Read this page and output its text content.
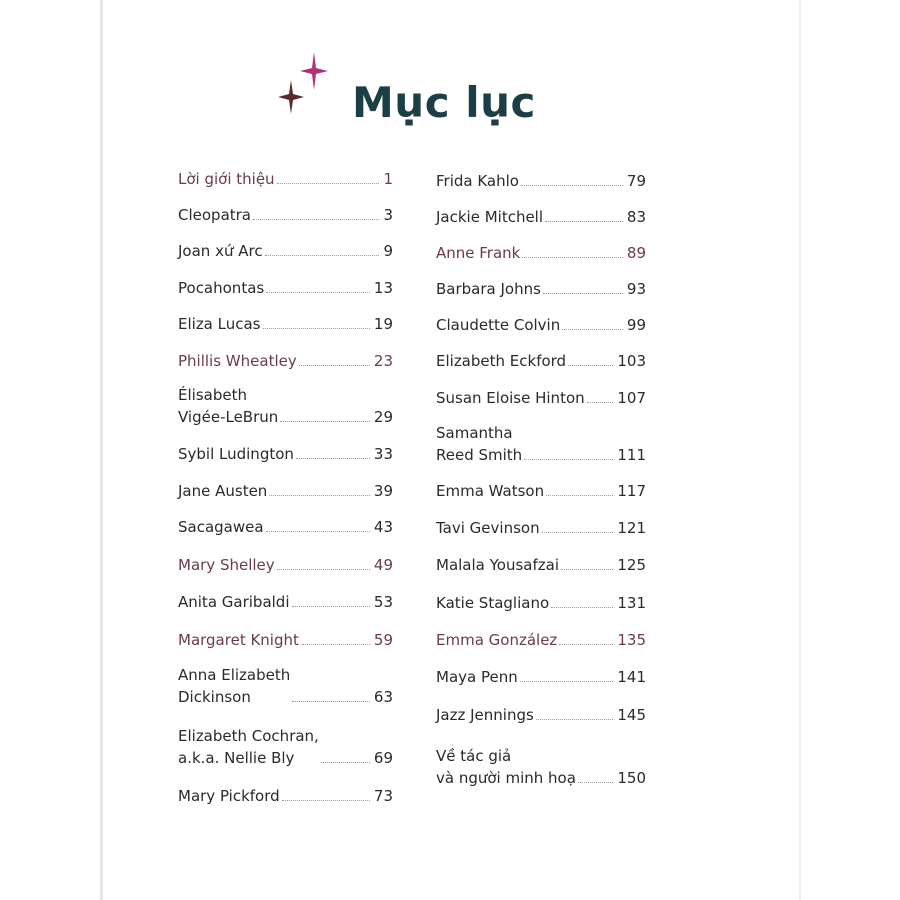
Mục lục
Lời giới thiệu	1
Cleopatra	3
Joan xứ Arc	9
Pocahontas	13
Eliza Lucas	19
Phillis Wheatley	23
Élisabeth
Vigée-LeBrun	29
Sybil Ludington	33
Jane Austen	39
Sacagawea	43
Mary Shelley	49
Anita Garibaldi	53
Margaret Knight	59
Anna Elizabeth
Dickinson	63
Elizabeth Cochran,
a.k.a. Nellie Bly	69
Mary Pickford	73
Frida Kahlo	79
Jackie Mitchell	83
Anne Frank	89
Barbara Johns	93
Claudette Colvin	99
Elizabeth Eckford	103
Susan Eloise Hinton 107
Samantha
Reed Smith	111
Emma Watson	117
Tavi Gevinson	121
Malala Yousafzai	125
Katie Stagliano	131
Emma González	135
Maya Penn	141
Jazz Jennings	145
Về tác giả
và người minh hoạ	150
